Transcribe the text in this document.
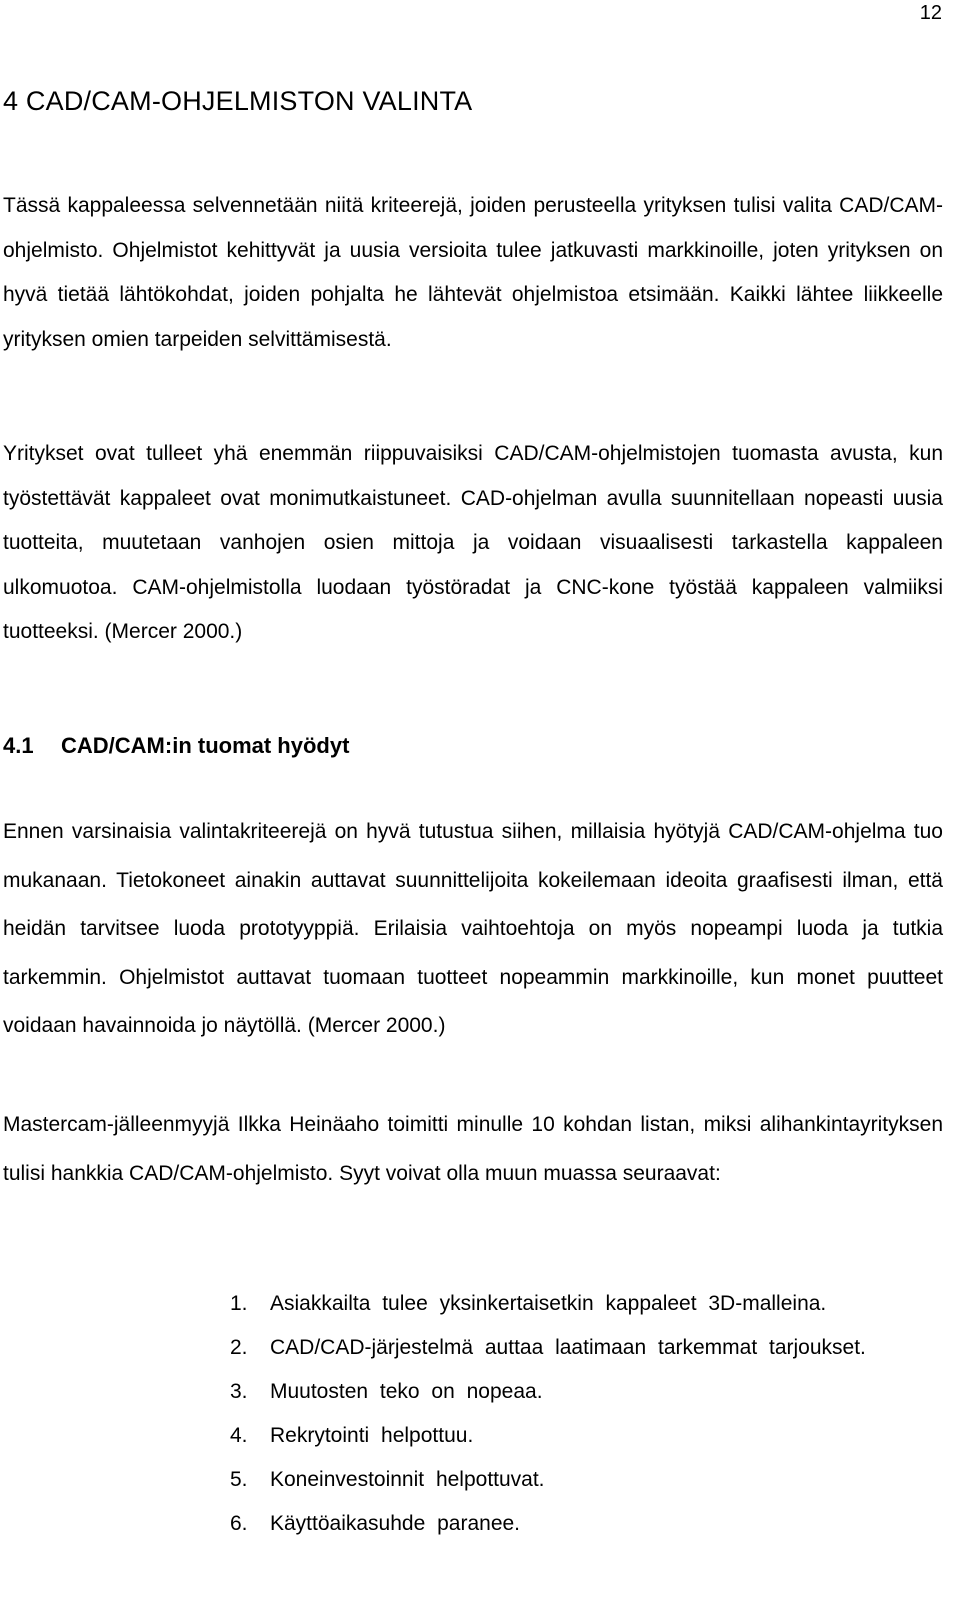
12
4 CAD/CAM-OHJELMISTON VALINTA

Tässä kappaleessa selvennetään niitä kriteerejä, joiden perusteella yrityksen tulisi valita CAD/CAM-ohjelmisto. Ohjelmistot kehittyvät ja uusia versioita tulee jatkuvasti markkinoille, joten yrityksen on hyvä tietää lähtökohdat, joiden pohjalta he lähtevät ohjelmistoa etsimään. Kaikki lähtee liikkeelle yrityksen omien tarpeiden selvittämisestä.

Yritykset ovat tulleet yhä enemmän riippuvaisiksi CAD/CAM-ohjelmistojen tuomasta avusta, kun työstettävät kappaleet ovat monimutkaistuneet. CAD-ohjelman avulla suunnitellaan nopeasti uusia tuotteita, muutetaan vanhojen osien mittoja ja voidaan visuaalisesti tarkastella kappaleen ulkomuotoa. CAM-ohjelmistolla luodaan työstöradat ja CNC-kone työstää kappaleen valmiiksi tuotteeksi. (Mercer 2000.)

4.1 CAD/CAM:in tuomat hyödyt

Ennen varsinaisia valintakriteerejä on hyvä tutustua siihen, millaisia hyötyjä CAD/CAM-ohjelma tuo mukanaan. Tietokoneet ainakin auttavat suunnittelijoita kokeilemaan ideoita graafisesti ilman, että heidän tarvitsee luoda prototyyppiä. Erilaisia vaihtoehtoja on myös nopeampi luoda ja tutkia tarkemmin. Ohjelmistot auttavat tuomaan tuotteet nopeammin markkinoille, kun monet puutteet voidaan havainnoida jo näytöllä. (Mercer 2000.)

Mastercam-jälleenmyyjä Ilkka Heinäaho toimitti minulle 10 kohdan listan, miksi alihankintayrityksen tulisi hankkia CAD/CAM-ohjelmisto. Syyt voivat olla muun muassa seuraavat:

1. Asiakkailta tulee yksinkertaisetkin kappaleet 3D-malleina.
2. CAD/CAD-järjestelmä auttaa laatimaan tarkemmat tarjoukset.
3. Muutosten teko on nopeaa.
4. Rekrytointi helpottuu.
5. Koneinvestoinnit helpottuvat.
6. Käyttöaikasuhde paranee.
